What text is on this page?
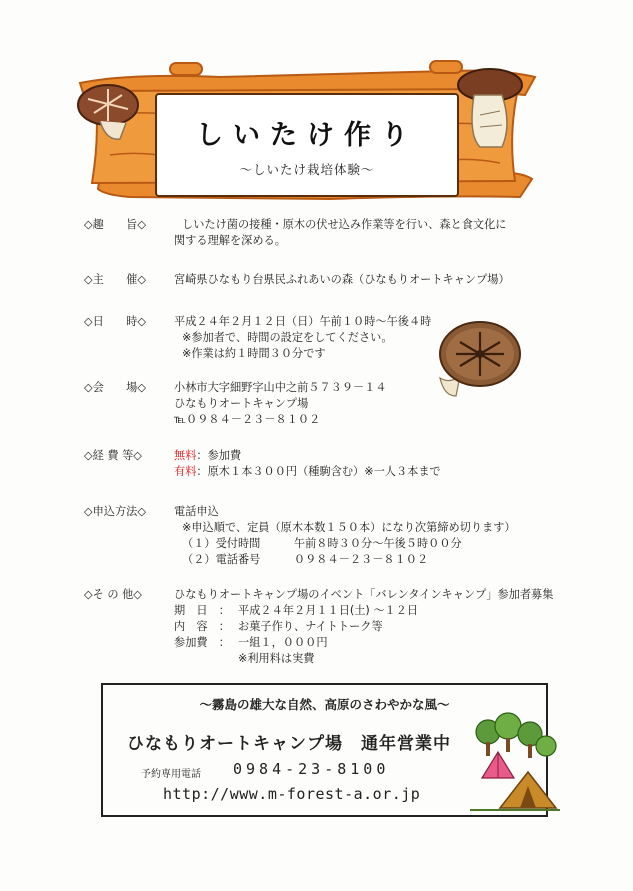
しいたけ作り
～しいたけ栽培体験～
◇趣　　旨◇	しいたけ菌の接種・原木の伏せ込み作業等を行い、森と食文化に
関する理解を深める。
◇主　　催◇	宮崎県ひなもり台県民ふれあいの森（ひなもりオートキャンプ場）
◇日　　時◇	平成２４年２月１２日（日）午前１０時～午後４時
※参加者で、時間の設定をしてください。
※作業は約１時間３０分です
◇会　　場◇	小林市大字細野字山中之前５７３９－１４
ひなもりオートキャンプ場
℡０９８４－２３－８１０２
◇経 費 等◇	無料：参加費
有料：原木１本３００円（種駒含む）※一人３本まで
◇申込方法◇	電話申込
※申込順で、定員（原木本数１５０本）になり次第締め切ります）
（１）受付時間　　　午前８時３０分～午後５時００分
（２）電話番号　　　０９８４－２３－８１０２
◇そ の 他◇	ひなもりオートキャンプ場のイベント「バレンタインキャンプ」参加者募集
期　日　： 平成２４年２月１１日(土) ～１２日
内　容　： お菓子作り、ナイトトーク等
参加費　： 一組１，０００円
※利用料は実費
～霧島の雄大な自然、高原のさわやかな風～
ひなもりオートキャンプ場　通年営業中
予約専用電話 0984-23-8100
http://www.m-forest-a.or.jp
